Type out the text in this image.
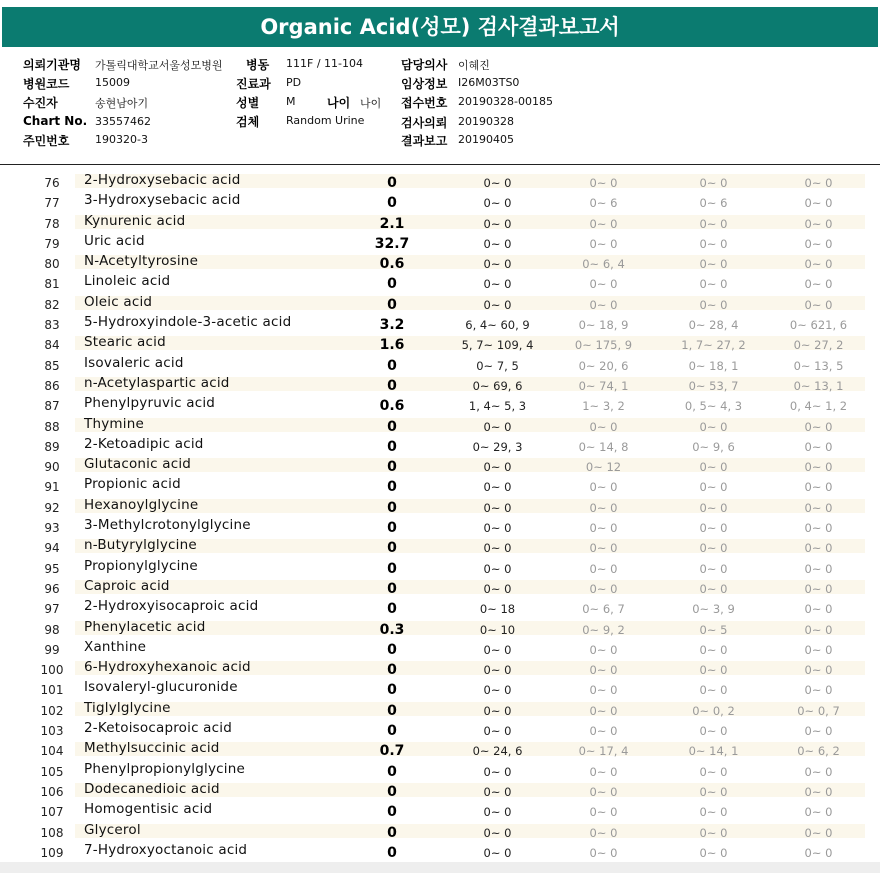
Organic Acid(성모) 검사결과보고서
의뢰기관명 가톨릭대학교서울성모병원 병동 111F / 11-104	담당의사 이혜진
병원코드 15009	진료과 PD	임상정보 I26M03TS0
수진자	송현남아기	성별 M	나이 나이 접수번호 20190328-00185
Chart No. 33557462	검체 Random Urine	검사의뢰 20190328
주민번호 190320-3	결과보고 20190405
76	2-Hydroxysebacic acid	0	0~ 0	0~ 0	0~ 0	0~ 0
77	3-Hydroxysebacic acid	0	0~ 0	0~ 6	0~ 6	0~ 0
78	Kynurenic acid	2.1	0~ 0	0~ 0	0~ 0	0~ 0
79	Uric acid	32.7	0~ 0	0~ 0	0~ 0	0~ 0
80	N-Acetyltyrosine	0.6	0~ 0	0~ 6, 4	0~ 0	0~ 0
81	Linoleic acid	0	0~ 0	0~ 0	0~ 0	0~ 0
82	Oleic acid	0	0~ 0	0~ 0	0~ 0	0~ 0
83	5-Hydroxyindole-3-acetic acid	3.2	6, 4~ 60, 9	0~ 18, 9	0~ 28, 4	0~ 621, 6
84	Stearic acid	1.6	5, 7~ 109, 4	0~ 175, 9	1, 7~ 27, 2	0~ 27, 2
85	Isovaleric acid	0	0~ 7, 5	0~ 20, 6	0~ 18, 1	0~ 13, 5
86	n-Acetylaspartic acid	0	0~ 69, 6	0~ 74, 1	0~ 53, 7	0~ 13, 1
87	Phenylpyruvic acid	0.6	1, 4~ 5, 3	1~ 3, 2	0, 5~ 4, 3	0, 4~ 1, 2
88	Thymine	0	0~ 0	0~ 0	0~ 0	0~ 0
89	2-Ketoadipic acid	0	0~ 29, 3	0~ 14, 8	0~ 9, 6	0~ 0
90	Glutaconic acid	0	0~ 0	0~ 12	0~ 0	0~ 0
91	Propionic acid	0	0~ 0	0~ 0	0~ 0	0~ 0
92	Hexanoylglycine	0	0~ 0	0~ 0	0~ 0	0~ 0
93	3-Methylcrotonylglycine	0	0~ 0	0~ 0	0~ 0	0~ 0
94	n-Butyrylglycine	0	0~ 0	0~ 0	0~ 0	0~ 0
95	Propionylglycine	0	0~ 0	0~ 0	0~ 0	0~ 0
96	Caproic acid	0	0~ 0	0~ 0	0~ 0	0~ 0
97	2-Hydroxyisocaproic acid	0	0~ 18	0~ 6, 7	0~ 3, 9	0~ 0
98	Phenylacetic acid	0.3	0~ 10	0~ 9, 2	0~ 5	0~ 0
99	Xanthine	0	0~ 0	0~ 0	0~ 0	0~ 0
100	6-Hydroxyhexanoic acid	0	0~ 0	0~ 0	0~ 0	0~ 0
101	Isovaleryl-glucuronide	0	0~ 0	0~ 0	0~ 0	0~ 0
102	Tiglylglycine	0	0~ 0	0~ 0	0~ 0, 2	0~ 0, 7
103	2-Ketoisocaproic acid	0	0~ 0	0~ 0	0~ 0	0~ 0
104	Methylsuccinic acid	0.7	0~ 24, 6	0~ 17, 4	0~ 14, 1	0~ 6, 2
105	Phenylpropionylglycine	0	0~ 0	0~ 0	0~ 0	0~ 0
106	Dodecanedioic acid	0	0~ 0	0~ 0	0~ 0	0~ 0
107	Homogentisic acid	0	0~ 0	0~ 0	0~ 0	0~ 0
108	Glycerol	0	0~ 0	0~ 0	0~ 0	0~ 0
109	7-Hydroxyoctanoic acid	0	0~ 0	0~ 0	0~ 0	0~ 0
